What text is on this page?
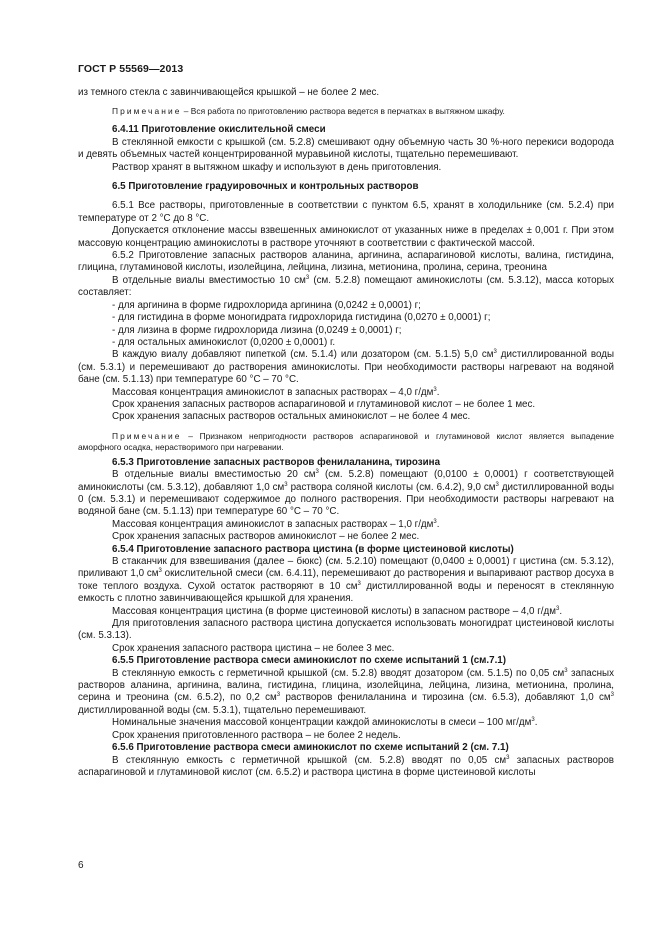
ГОСТ Р 55569—2013

из темного стекла с завинчивающейся крышкой – не более 2 мес.

Примечание – Вся работа по приготовлению раствора ведется в перчатках в вытяжном шкафу.

6.4.11 Приготовление окислительной смеси

В стеклянной емкости с крышкой (см. 5.2.8) смешивают одну объемную часть 30 %-ного перекиси водорода и девять объемных частей концентрированной муравьиной кислоты, тщательно перемешивают.

Раствор хранят в вытяжном шкафу и используют в день приготовления.

6.5 Приготовление градуировочных и контрольных растворов

6.5.1 Все растворы, приготовленные в соответствии с пунктом 6.5, хранят в холодильнике (см. 5.2.4) при температуре от 2 °С до 8 °С.

Допускается отклонение массы взвешенных аминокислот от указанных ниже в пределах ± 0,001 г. При этом массовую концентрацию аминокислоты в растворе уточняют в соответствии с фактической массой.

6.5.2 Приготовление запасных растворов аланина, аргинина, аспарагиновой кислоты, валина, гистидина, глицина, глутаминовой кислоты, изолейцина, лейцина, лизина, метионина, пролина, серина, треонина

В отдельные виалы вместимостью 10 $см^3$ (см. 5.2.8) помещают аминокислоты (см. 5.3.12), масса которых составляет:

- для аргинина в форме гидрохлорида аргинина (0,0242 ± 0,0001) г;

- для гистидина в форме моногидрата гидрохлорида гистидина (0,0270 ± 0,0001) г;

- для лизина в форме гидрохлорида лизина (0,0249 ± 0,0001) г;

- для остальных аминокислот (0,0200 ± 0,0001) г.

В каждую виалу добавляют пипеткой (см. 5.1.4) или дозатором (см. 5.1.5) 5,0 $см^3$ дистиллированной воды (см. 5.3.1) и перемешивают до растворения аминокислоты. При необходимости растворы нагревают на водяной бане (см. 5.1.13) при температуре 60 °С – 70 °С.

Массовая концентрация аминокислот в запасных растворах – 4,0 $г/дм^3$.

Срок хранения запасных растворов аспарагиновой и глутаминовой кислот – не более 1 мес.

Срок хранения запасных растворов остальных аминокислот – не более 4 мес.

Примечание – Признаком непригодности растворов аспарагиновой и глутаминовой кислот является выпадение аморфного осадка, нерастворимого при нагревании.

6.5.3 Приготовление запасных растворов фенилаланина, тирозина

В отдельные виалы вместимостью 20 $см^3$ (см. 5.2.8) помещают (0,0100 ± 0,0001) г соответствующей аминокислоты (см. 5.3.12), добавляют 1,0 $см^3$ раствора соляной кислоты (см. 6.4.2), 9,0 $см^3$ дистиллированной воды 0 (см. 5.3.1) и перемешивают содержимое до полного растворения. При необходимости растворы нагревают на водяной бане (см. 5.1.13) при температуре 60 °С – 70 °С.

Массовая концентрация аминокислот в запасных растворах – 1,0 $г/дм^3$.

Срок хранения запасных растворов аминокислот – не более 2 мес.

6.5.4 Приготовление запасного раствора цистина (в форме цистеиновой кислоты)

В стаканчик для взвешивания (далее – бюкс) (см. 5.2.10) помещают (0,0400 ± 0,0001) г цистина (см. 5.3.12), приливают 1,0 $см^3$ окислительной смеси (см. 6.4.11), перемешивают до растворения и выпаривают раствор досуха в токе теплого воздуха. Сухой остаток растворяют в 10 $см^3$ дистиллированной воды и переносят в стеклянную емкость с плотно завинчивающейся крышкой для хранения.

Массовая концентрация цистина (в форме цистеиновой кислоты) в запасном растворе – 4,0 $г/дм^3$.

Для приготовления запасного раствора цистина допускается использовать моногидрат цистеиновой кислоты (см. 5.3.13).

Срок хранения запасного раствора цистина – не более 3 мес.

6.5.5 Приготовление раствора смеси аминокислот по схеме испытаний 1 (см.7.1)

В стеклянную емкость с герметичной крышкой (см. 5.2.8) вводят дозатором (см. 5.1.5) по 0,05 $см^3$ запасных растворов аланина, аргинина, валина, гистидина, глицина, изолейцина, лейцина, лизина, метионина, пролина, серина и треонина (см. 6.5.2), по 0,2 $см^3$ растворов фенилаланина и тирозина (см. 6.5.3), добавляют 1,0 $см^3$ дистиллированной воды (см. 5.3.1), тщательно перемешивают.

Номинальные значения массовой концентрации каждой аминокислоты в смеси – 100 $мг/дм^3$.

Срок хранения приготовленного раствора – не более 2 недель.

6.5.6 Приготовление раствора смеси аминокислот по схеме испытаний 2 (см. 7.1)

В стеклянную емкость с герметичной крышкой (см. 5.2.8) вводят по 0,05 $см^3$ запасных растворов аспарагиновой и глутаминовой кислот (см. 6.5.2) и раствора цистина в форме цистеиновой кислоты

6
